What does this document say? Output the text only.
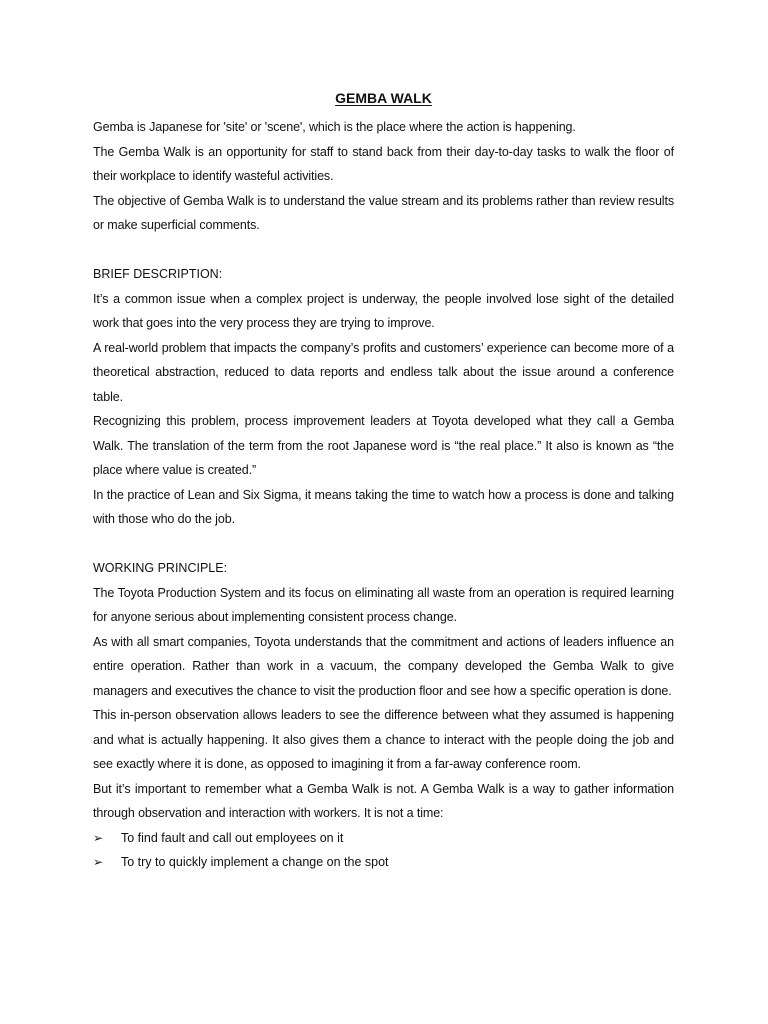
GEMBA WALK

Gemba is Japanese for 'site' or 'scene', which is the place where the action is happening.

The Gemba Walk is an opportunity for staff to stand back from their day-to-day tasks to walk the floor of their workplace to identify wasteful activities.

The objective of Gemba Walk is to understand the value stream and its problems rather than review results or make superficial comments.

BRIEF DESCRIPTION:

It’s a common issue when a complex project is underway, the people involved lose sight of the detailed work that goes into the very process they are trying to improve.

A real-world problem that impacts the company’s profits and customers’ experience can become more of a theoretical abstraction, reduced to data reports and endless talk about the issue around a conference table.

Recognizing this problem, process improvement leaders at Toyota developed what they call a Gemba Walk. The translation of the term from the root Japanese word is “the real place.” It also is known as “the place where value is created.”

In the practice of Lean and Six Sigma, it means taking the time to watch how a process is done and talking with those who do the job.

WORKING PRINCIPLE:

The Toyota Production System and its focus on eliminating all waste from an operation is required learning for anyone serious about implementing consistent process change.

As with all smart companies, Toyota understands that the commitment and actions of leaders influence an entire operation. Rather than work in a vacuum, the company developed the Gemba Walk to give managers and executives the chance to visit the production floor and see how a specific operation is done.

This in-person observation allows leaders to see the difference between what they assumed is happening and what is actually happening. It also gives them a chance to interact with the people doing the job and see exactly where it is done, as opposed to imagining it from a far-away conference room.

But it’s important to remember what a Gemba Walk is not. A Gemba Walk is a way to gather information through observation and interaction with workers. It is not a time:

➢ To find fault and call out employees on it
➢ To try to quickly implement a change on the spot
